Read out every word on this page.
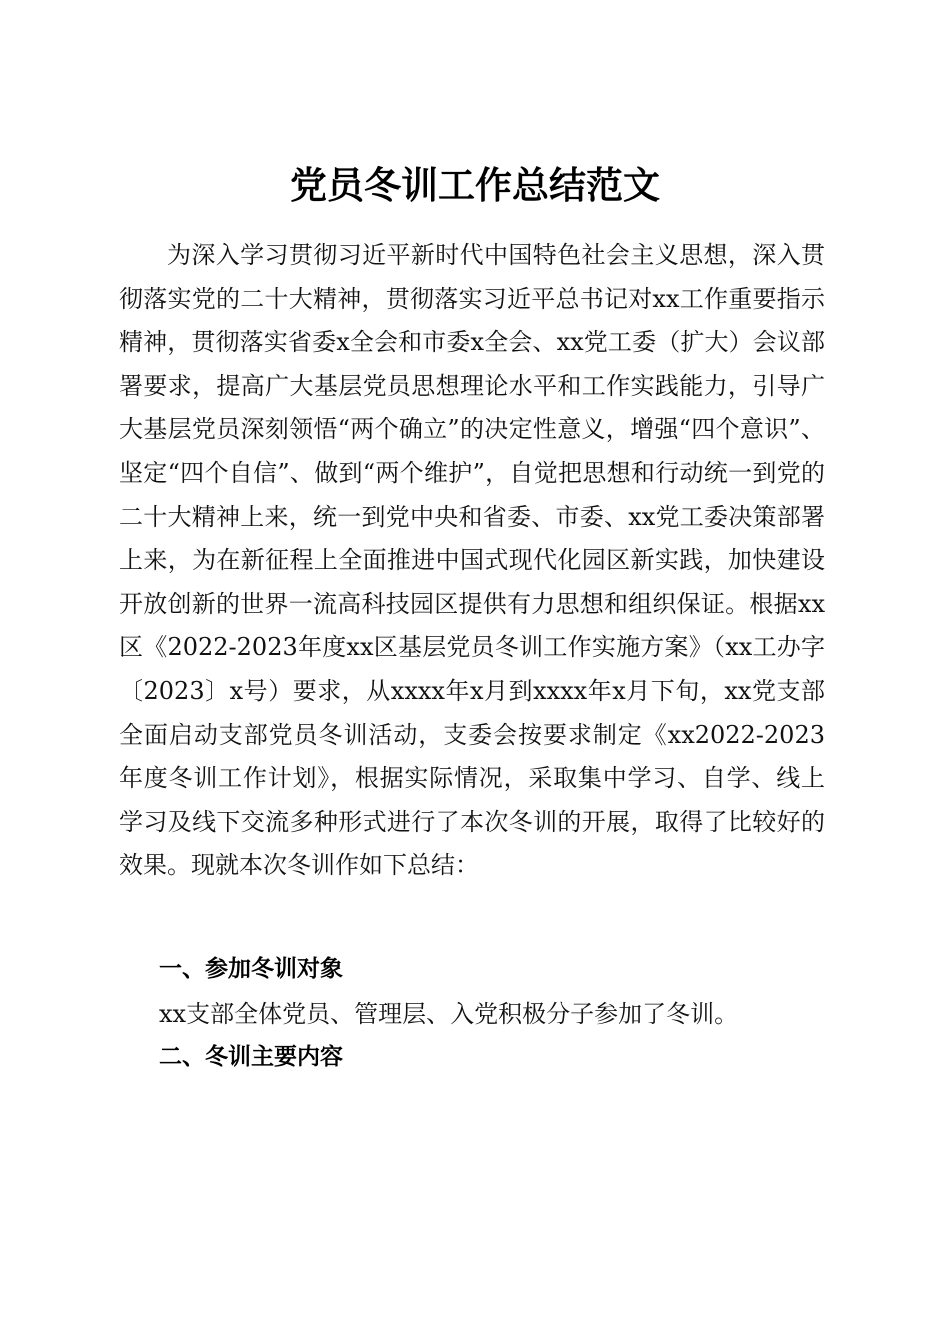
党员冬训工作总结范文

为深入学习贯彻习近平新时代中国特色社会主义思想，深入贯彻落实党的二十大精神，贯彻落实习近平总书记对xx工作重要指示精神，贯彻落实省委x全会和市委x全会、xx党工委（扩大）会议部署要求，提高广大基层党员思想理论水平和工作实践能力，引导广大基层党员深刻领悟“两个确立”的决定性意义，增强“四个意识”、坚定“四个自信”、做到“两个维护”，自觉把思想和行动统一到党的二十大精神上来，统一到党中央和省委、市委、xx党工委决策部署上来，为在新征程上全面推进中国式现代化园区新实践，加快建设开放创新的世界一流高科技园区提供有力思想和组织保证。根据xx区《2022-2023年度xx区基层党员冬训工作实施方案》（xx工办字〔2023〕x号）要求，从xxxx年x月到xxxx年x月下旬，xx党支部全面启动支部党员冬训活动，支委会按要求制定《xx2022-2023年度冬训工作计划》，根据实际情况，采取集中学习、自学、线上学习及线下交流多种形式进行了本次冬训的开展，取得了比较好的效果。现就本次冬训作如下总结：

一、参加冬训对象

xx支部全体党员、管理层、入党积极分子参加了冬训。

二、冬训主要内容
